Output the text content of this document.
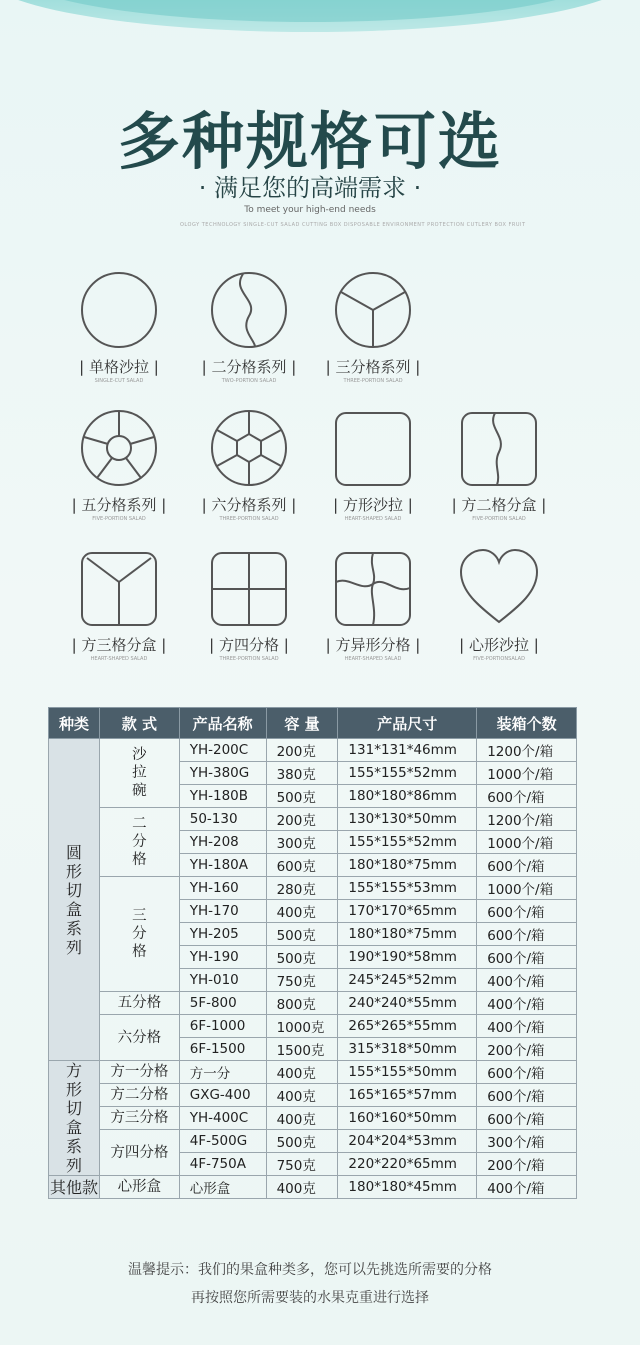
多种规格可选
· 满足您的高端需求 ·
To meet your high-end needs
OLOGY TECHNOLOGY SINGLE-CUT SALAD CUTTING BOX DISPOSABLE ENVIRONMENT PROTECTION CUTLERY BOX FRUIT
| 单格沙拉 |
SINGLE-CUT SALAD
| 二分格系列 |
TWO-PORTION SALAD
| 三分格系列 |
THREE-PORTION SALAD
| 五分格系列 |
FIVE-PORTION SALAD
| 六分格系列 |
THREE-PORTION SALAD
| 方形沙拉 |
HEART-SHAPED SALAD
| 方二格分盒 |
FIVE-PORTION SALAD
| 方三格分盒 |
HEART-SHAPED SALAD
| 方四分格 |
THREE-PORTION SALAD
| 方异形分格 |
HEART-SHAPED SALAD
| 心形沙拉 |
FIVE-PORTIONSALAD
种类	款 式	产品名称	容 量	产品尺寸	装箱个数
圆形切盒系列	沙拉碗	YH-200C	200克	131*131*46mm	1200个/箱
		YH-380G	380克	155*155*52mm	1000个/箱
		YH-180B	500克	180*180*86mm	600个/箱
	二分格	50-130	200克	130*130*50mm	1200个/箱
		YH-208	300克	155*155*52mm	1000个/箱
		YH-180A	600克	180*180*75mm	600个/箱
	三分格	YH-160	280克	155*155*53mm	1000个/箱
		YH-170	400克	170*170*65mm	600个/箱
		YH-205	500克	180*180*75mm	600个/箱
		YH-190	500克	190*190*58mm	600个/箱
		YH-010	750克	245*245*52mm	400个/箱
	五分格	5F-800	800克	240*240*55mm	400个/箱
	六分格	6F-1000	1000克	265*265*55mm	400个/箱
		6F-1500	1500克	315*318*50mm	200个/箱
方形切盒系列	方一分格	方一分	400克	155*155*50mm	600个/箱
	方二分格	GXG-400	400克	165*165*57mm	600个/箱
	方三分格	YH-400C	400克	160*160*50mm	600个/箱
	方四分格	4F-500G	500克	204*204*53mm	300个/箱
		4F-750A	750克	220*220*65mm	200个/箱
其他款	心形盒	心形盒	400克	180*180*45mm	400个/箱
温馨提示：我们的果盒种类多，您可以先挑选所需要的分格
再按照您所需要装的水果克重进行选择
